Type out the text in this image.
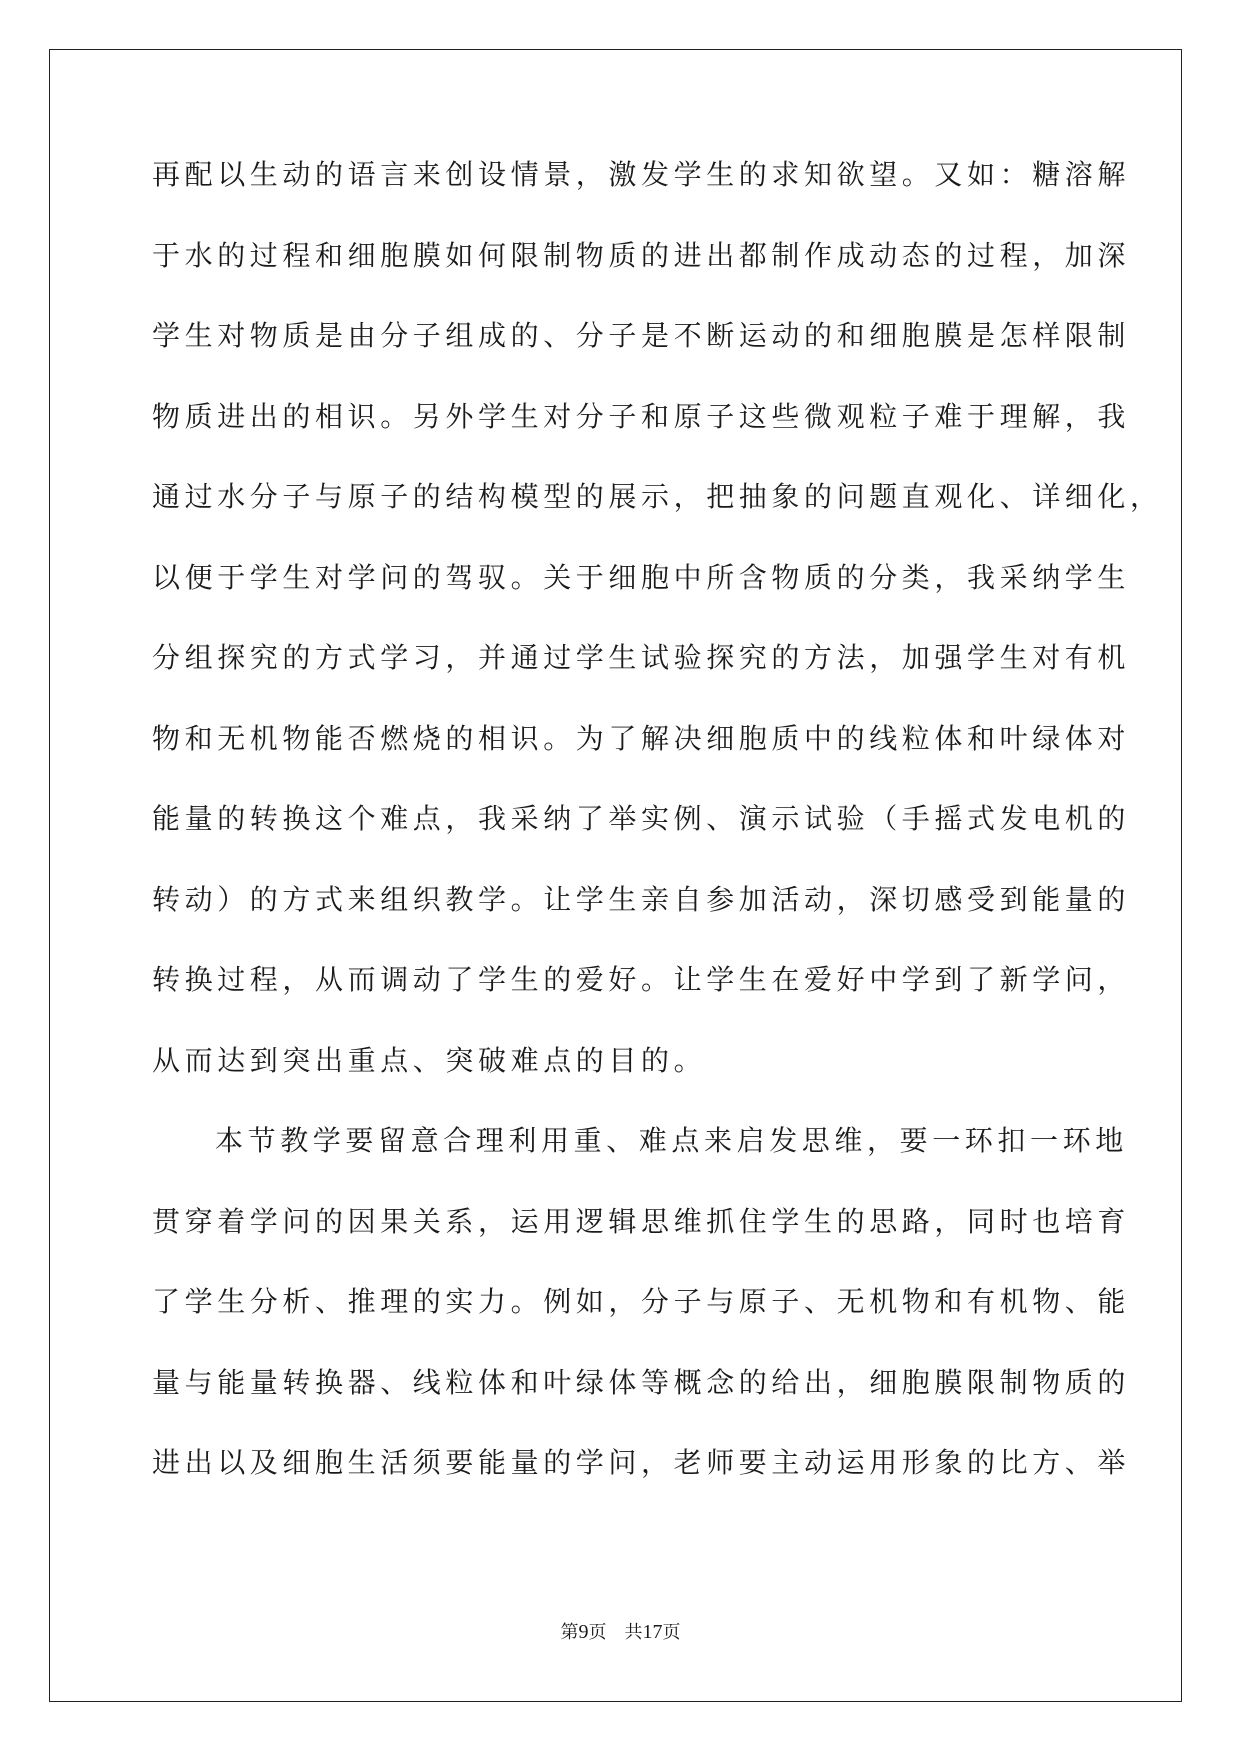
再配以生动的语言来创设情景，激发学生的求知欲望。又如：糖溶解
于水的过程和细胞膜如何限制物质的进出都制作成动态的过程，加深
学生对物质是由分子组成的、分子是不断运动的和细胞膜是怎样限制
物质进出的相识。另外学生对分子和原子这些微观粒子难于理解，我
通过水分子与原子的结构模型的展示，把抽象的问题直观化、详细化，
以便于学生对学问的驾驭。关于细胞中所含物质的分类，我采纳学生
分组探究的方式学习，并通过学生试验探究的方法，加强学生对有机
物和无机物能否燃烧的相识。为了解决细胞质中的线粒体和叶绿体对
能量的转换这个难点，我采纳了举实例、演示试验（手摇式发电机的
转动）的方式来组织教学。让学生亲自参加活动，深切感受到能量的
转换过程，从而调动了学生的爱好。让学生在爱好中学到了新学问，
从而达到突出重点、突破难点的目的。
本节教学要留意合理利用重、难点来启发思维，要一环扣一环地
贯穿着学问的因果关系，运用逻辑思维抓住学生的思路，同时也培育
了学生分析、推理的实力。例如，分子与原子、无机物和有机物、能
量与能量转换器、线粒体和叶绿体等概念的给出，细胞膜限制物质的
进出以及细胞生活须要能量的学问，老师要主动运用形象的比方、举
第9页 共17页
